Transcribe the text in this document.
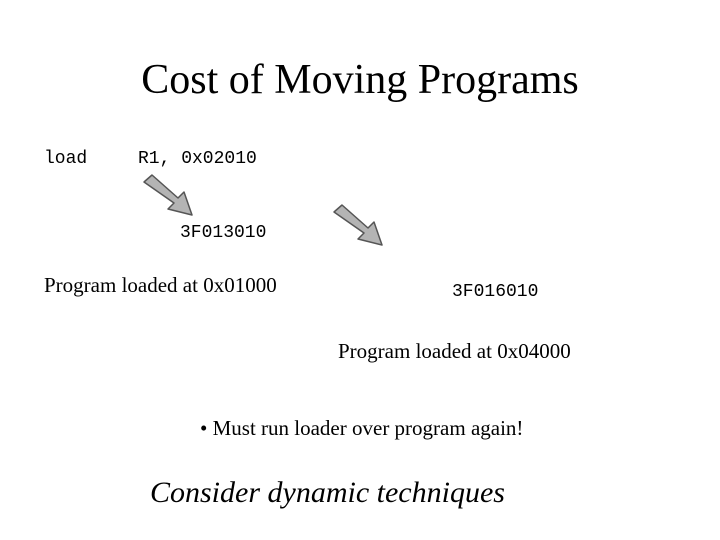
Cost of Moving Programs
load	R1, 0x02010
3F013010
Program loaded at 0x01000	3F016010
Program loaded at 0x04000
• Must run loader over program again!
Consider dynamic techniques
